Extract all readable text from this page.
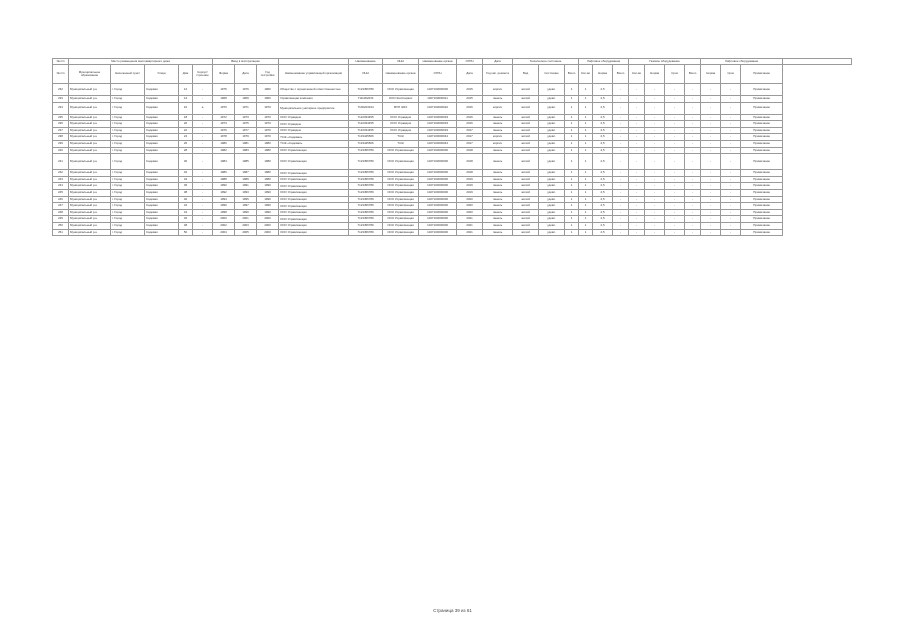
№ п/п	Место размещения многоквартирного дома					Ввод в эксплуатацию				Наименование	ИНН	Наименование органа	ОГРН	Дата	Техническое состояние			Лифтовое оборудование			Газовое оборудование				Лифтовое оборудование			
№ п/п	Муниципальное образование	Населенный пункт	Улица	Дом	Корпус/строение	Форма	Дата	Год постройки	Наименование управляющей организации	ИНН	Наименование органа	ОГРН	Дата	Год кап. ремонта	Вид	Состояние	Всего	Кол-во	Норма	Всего	Кол-во	Норма	Срок	Всего	Норма	Срок	Примечание	
232	Муниципальный р-н	г. Город	Садовая	12	-	1975	1976	1960	Общество с ограниченной ответственностью	7123456789	ООО Управляющая	1027100000000	2015	кирпич	жилой	удовл.	1	1	2,5	-	-	-	-	-	-	-	Примечание	
233	Муниципальный р-н	г. Город	Садовая	14	-	1968	1969	1960	Управляющая компания	7111002233	ООО ЖилСервис	1027100000011	2015	панель	жилой	удовл.	1	1	2,5	-	-	-	-	-	-	-	Примечание	
234	Муниципальный р-н	г. Город	Садовая	16	а	1970	1971	1970	Муниципальное унитарное предприятие	7100223344	МУП ЖКХ	1027100000022	2016	кирпич	жилой	удовл.	1	1	2,5	-	-	-	-	-	-	-	Примечание	
235	Муниципальный р-н	г. Город	Садовая	18	-	1972	1973	1970	ООО Управдом	7122334455	ООО Управдом	1027100000033	2016	панель	жилой	удовл.	1	1	2,5	-	-	-	-	-	-	-	Примечание	
236	Муниципальный р-н	г. Город	Садовая	20	-	1974	1975	1970	ООО Управдом	7122334455	ООО Управдом	1027100000033	2016	панель	жилой	удовл.	1	1	2,5	-	-	-	-	-	-	-	Примечание	
237	Муниципальный р-н	г. Город	Садовая	22	-	1976	1977	1970	ООО Управдом	7122334455	ООО Управдом	1027100000033	2017	панель	жилой	удовл.	1	1	2,5	-	-	-	-	-	-	-	Примечание	
238	Муниципальный р-н	г. Город	Садовая	24	-	1978	1979	1970	ТСЖ «Садовая»	7133445566	ТСЖ	1027100000044	2017	кирпич	жилой	удовл.	1	1	2,5	-	-	-	-	-	-	-	Примечание	
239	Муниципальный р-н	г. Город	Садовая	26	-	1980	1981	1980	ТСЖ «Садовая»	7133445566	ТСЖ	1027100000044	2017	кирпич	жилой	удовл.	1	1	2,5	-	-	-	-	-	-	-	Примечание	
240	Муниципальный р-н	г. Город	Садовая	28	-	1982	1983	1980	ООО Управляющая	7123456789	ООО Управляющая	1027100000000	2018	панель	жилой	удовл.	1	1	2,5	-	-	-	-	-	-	-	Примечание	
241	Муниципальный р-н	г. Город	Садовая	30	-	1984	1985	1980	ООО Управляющая	7123456789	ООО Управляющая	1027100000000	2018	панель	жилой	удовл.	1	1	2,5	-	-	-	-	-	-	-	Примечание	
242	Муниципальный р-н	г. Город	Садовая	32	-	1986	1987	1980	ООО Управляющая	7123456789	ООО Управляющая	1027100000000	2018	панель	жилой	удовл.	1	1	2,5	-	-	-	-	-	-	-	Примечание	
243	Муниципальный р-н	г. Город	Садовая	34	-	1988	1989	1980	ООО Управляющая	7123456789	ООО Управляющая	1027100000000	2019	панель	жилой	удовл.	1	1	2,5	-	-	-	-	-	-	-	Примечание	
244	Муниципальный р-н	г. Город	Садовая	36	-	1990	1991	1990	ООО Управляющая	7123456789	ООО Управляющая	1027100000000	2019	панель	жилой	удовл.	1	1	2,5	-	-	-	-	-	-	-	Примечание	
245	Муниципальный р-н	г. Город	Садовая	38	-	1992	1993	1990	ООО Управляющая	7123456789	ООО Управляющая	1027100000000	2019	панель	жилой	удовл.	1	1	2,5	-	-	-	-	-	-	-	Примечание	
246	Муниципальный р-н	г. Город	Садовая	40	-	1994	1995	1990	ООО Управляющая	7123456789	ООО Управляющая	1027100000000	2020	панель	жилой	удовл.	1	1	2,5	-	-	-	-	-	-	-	Примечание	
247	Муниципальный р-н	г. Город	Садовая	42	-	1996	1997	1990	ООО Управляющая	7123456789	ООО Управляющая	1027100000000	2020	панель	жилой	удовл.	1	1	2,5	-	-	-	-	-	-	-	Примечание	
248	Муниципальный р-н	г. Город	Садовая	44	-	1998	1999	1990	ООО Управляющая	7123456789	ООО Управляющая	1027100000000	2020	панель	жилой	удовл.	1	1	2,5	-	-	-	-	-	-	-	Примечание	
249	Муниципальный р-н	г. Город	Садовая	46	-	2000	2001	2000	ООО Управляющая	7123456789	ООО Управляющая	1027100000000	2021	панель	жилой	удовл.	1	1	2,5	-	-	-	-	-	-	-	Примечание	
250	Муниципальный р-н	г. Город	Садовая	48	-	2002	2003	2000	ООО Управляющая	7123456789	ООО Управляющая	1027100000000	2021	панель	жилой	удовл.	1	1	2,5	-	-	-	-	-	-	-	Примечание	
251	Муниципальный р-н	г. Город	Садовая	50	-	2004	2005	2000	ООО Управляющая	7123456789	ООО Управляющая	1027100000000	2021	панель	жилой	удовл.	1	1	2,5	-	-	-	-	-	-	-	Примечание	
Страница 39 из 61
